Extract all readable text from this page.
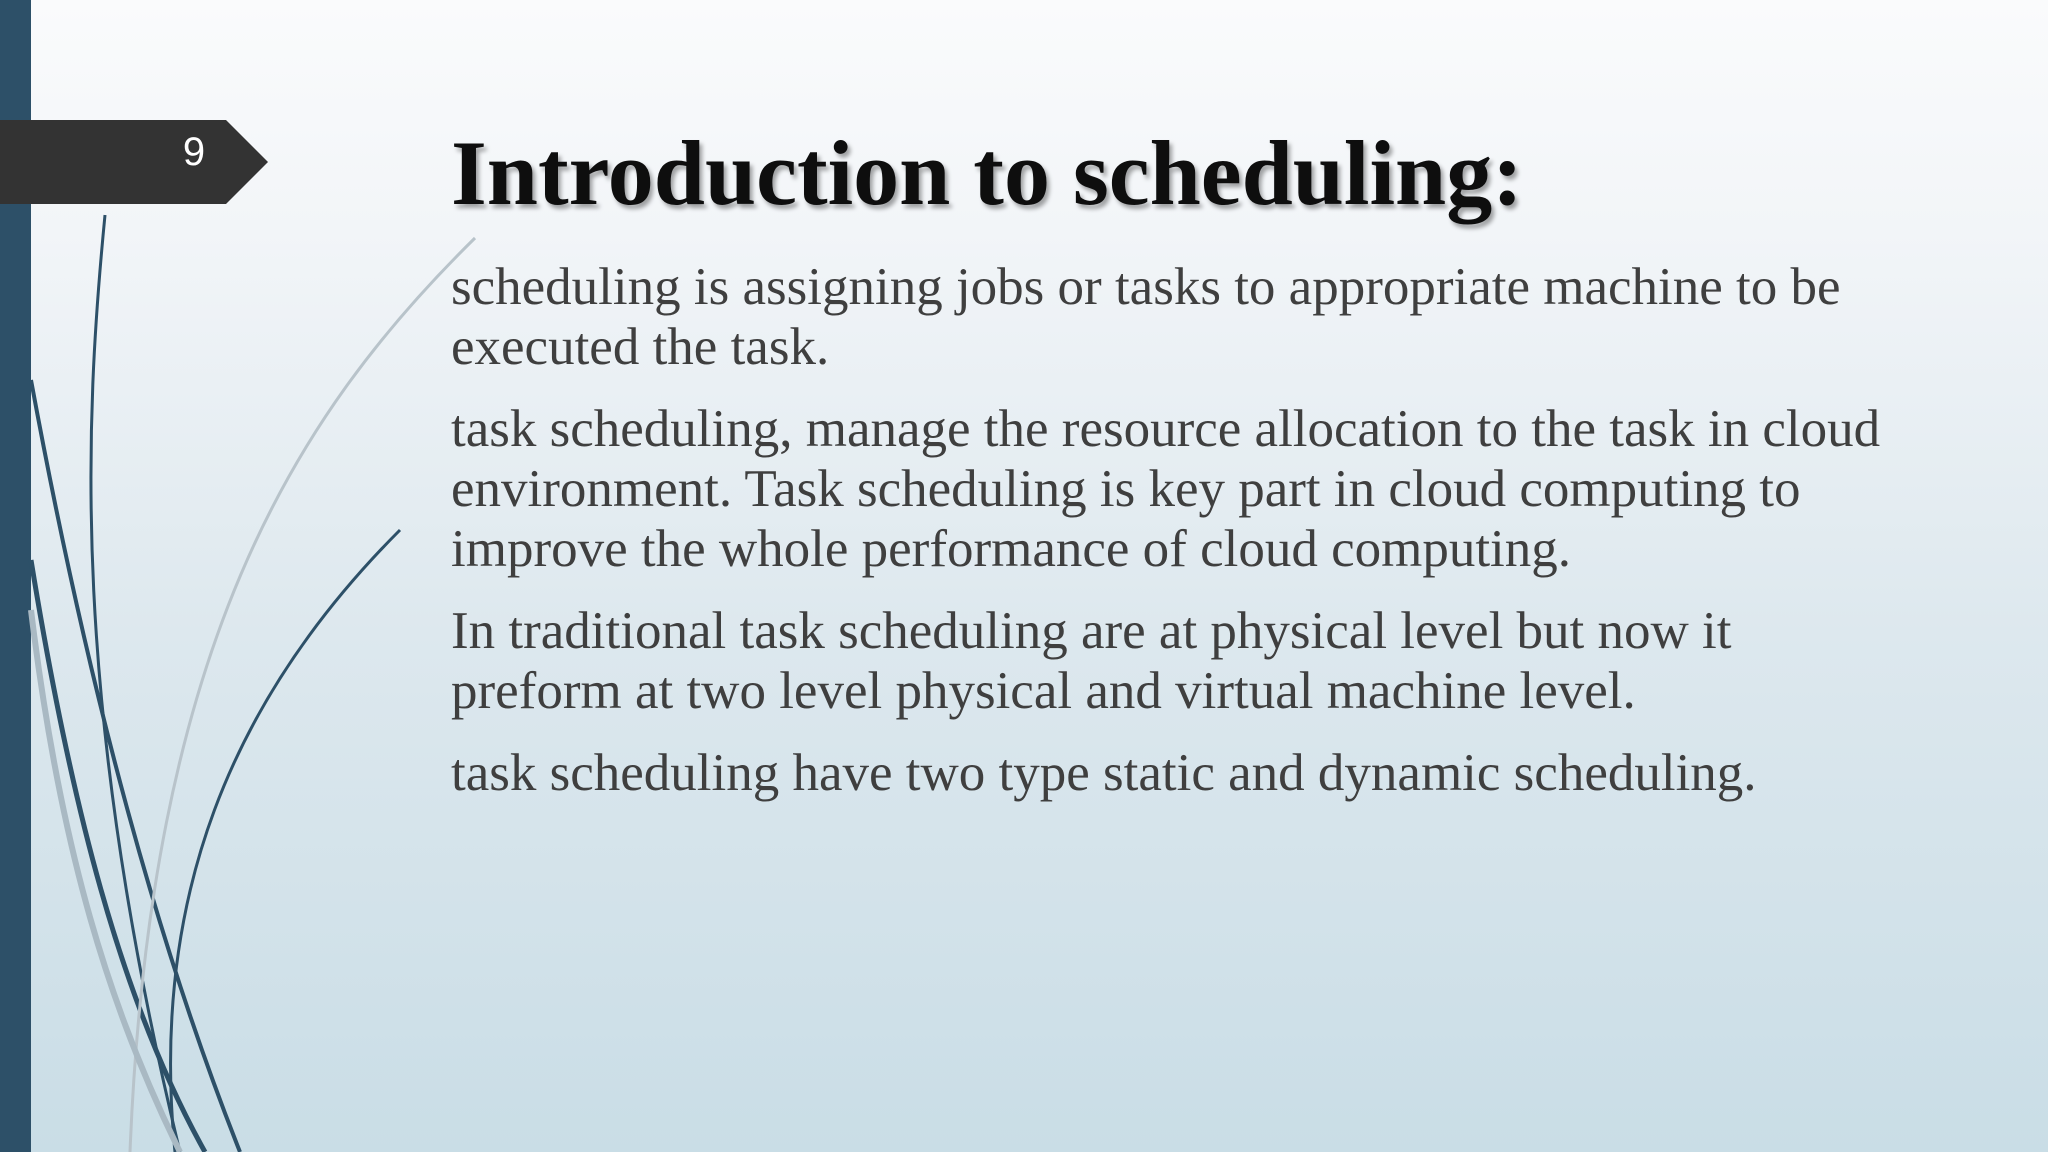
9	Introduction to scheduling:

scheduling is assigning jobs or tasks to appropriate machine to be executed the task.

task scheduling, manage the resource allocation to the task in cloud environment. Task scheduling is key part in cloud computing to improve the whole performance of cloud computing.

In traditional task scheduling are at physical level but now it preform at two level physical and virtual machine level.

task scheduling have two type static and dynamic scheduling.
